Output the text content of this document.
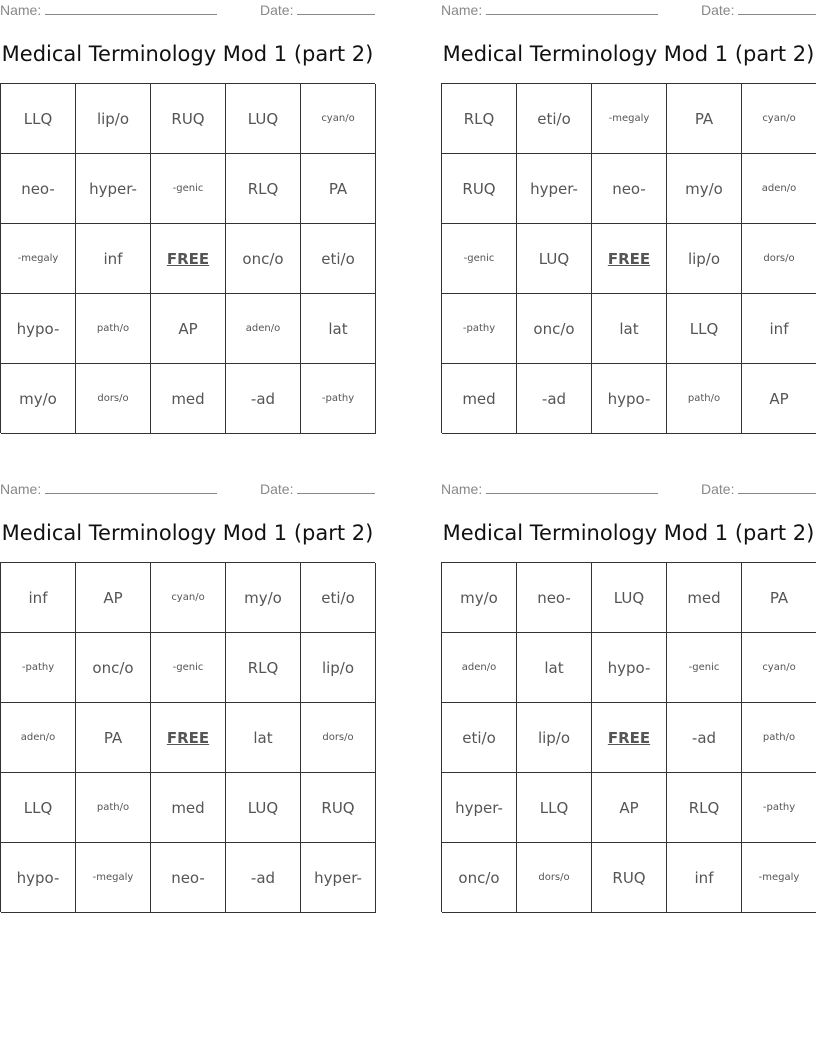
Name:	Date:
Medical Terminology Mod 1 (part 2)
LLQ	lip/o	RUQ	LUQ	cyan/o
neo-	hyper-	-genic	RLQ	PA
-megaly	inf	FREE	onc/o	eti/o
hypo-	path/o	AP	aden/o	lat
my/o	dors/o	med	-ad	-pathy
Name:	Date:
Medical Terminology Mod 1 (part 2)
RLQ	eti/o	-megaly	PA	cyan/o
RUQ	hyper-	neo-	my/o	aden/o
-genic	LUQ	FREE	lip/o	dors/o
-pathy	onc/o	lat	LLQ	inf
med	-ad	hypo-	path/o	AP
Name:	Date:
Medical Terminology Mod 1 (part 2)
inf	AP	cyan/o	my/o	eti/o
-pathy	onc/o	-genic	RLQ	lip/o
aden/o	PA	FREE	lat	dors/o
LLQ	path/o	med	LUQ	RUQ
hypo-	-megaly	neo-	-ad	hyper-
Name:	Date:
Medical Terminology Mod 1 (part 2)
my/o	neo-	LUQ	med	PA
aden/o	lat	hypo-	-genic	cyan/o
eti/o	lip/o	FREE	-ad	path/o
hyper-	LLQ	AP	RLQ	-pathy
onc/o	dors/o	RUQ	inf	-megaly
